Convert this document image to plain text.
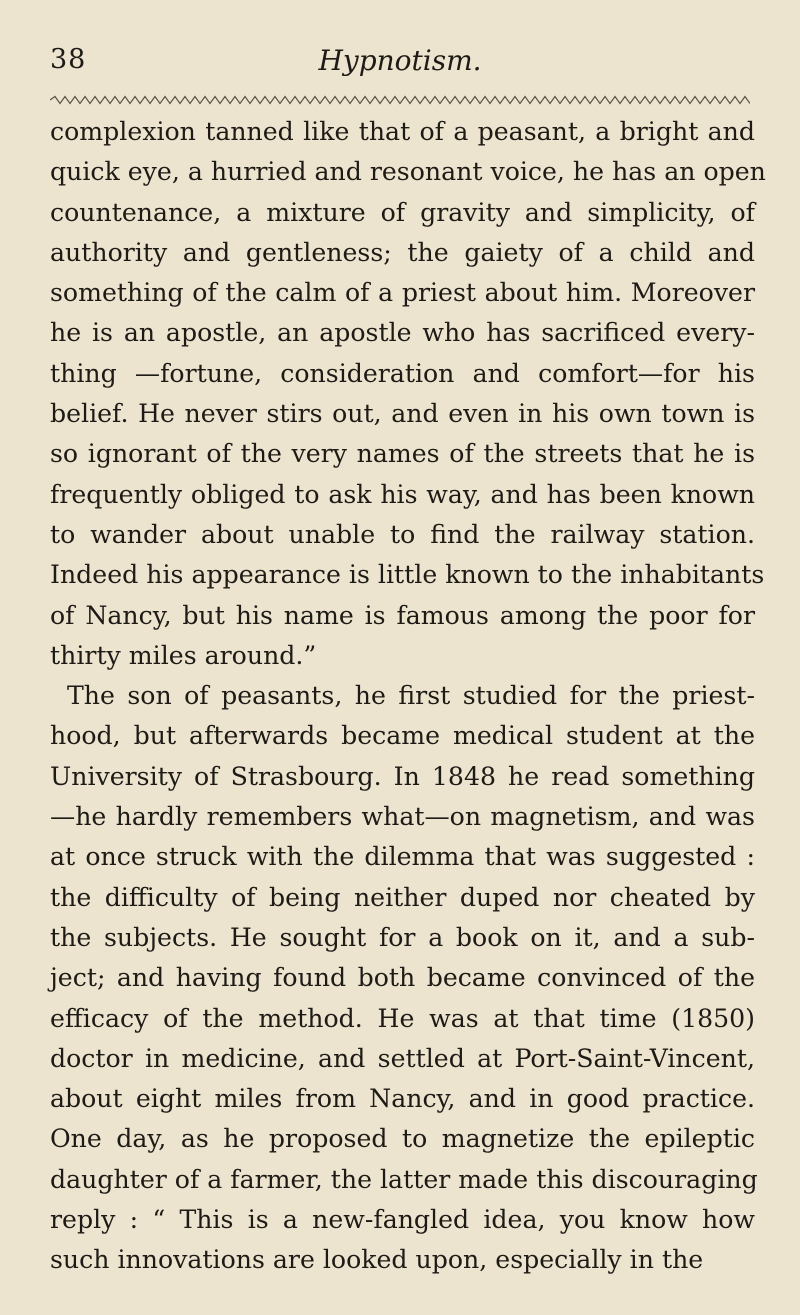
38	Hypnotism.
complexion tanned like that of a peasant, a bright and
quick eye, a hurried and resonant voice, he has an open
countenance, a mixture of gravity and simplicity, of
authority and gentleness; the gaiety of a child and
something of the calm of a priest about him. Moreover
he is an apostle, an apostle who has sacrificed every-
thing —fortune, consideration and comfort—for his
belief. He never stirs out, and even in his own town is
so ignorant of the very names of the streets that he is
frequently obliged to ask his way, and has been known
to wander about unable to find the railway station.
Indeed his appearance is little known to the inhabitants
of Nancy, but his name is famous among the poor for
thirty miles around.”
The son of peasants, he first studied for the priest-
hood, but afterwards became medical student at the
University of Strasbourg. In 1848 he read something
—he hardly remembers what—on magnetism, and was
at once struck with the dilemma that was suggested :
the difficulty of being neither duped nor cheated by
the subjects. He sought for a book on it, and a sub-
ject; and having found both became convinced of the
efficacy of the method. He was at that time (1850)
doctor in medicine, and settled at Port-Saint-Vincent,
about eight miles from Nancy, and in good practice.
One day, as he proposed to magnetize the epileptic
daughter of a farmer, the latter made this discouraging
reply : “ This is a new-fangled idea, you know how
such innovations are looked upon, especially in the
